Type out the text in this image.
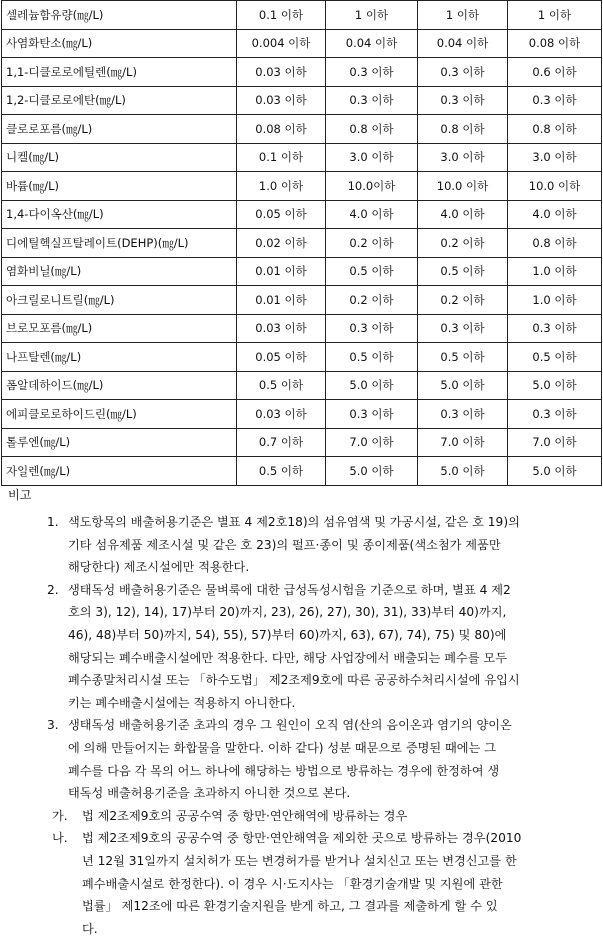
셀레늄함유량(㎎/L)	0.1 이하	1 이하	1 이하	1 이하
사염화탄소(㎎/L)	0.004 이하	0.04 이하	0.04 이하	0.08 이하
1,1-디클로로에틸렌(㎎/L)	0.03 이하	0.3 이하	0.3 이하	0.6 이하
1,2-디클로로에탄(㎎/L)	0.03 이하	0.3 이하	0.3 이하	0.3 이하
클로로포름(㎎/L)	0.08 이하	0.8 이하	0.8 이하	0.8 이하
니켈(㎎/L)	0.1 이하	3.0 이하	3.0 이하	3.0 이하
바륨(㎎/L)	1.0 이하	10.0이하	10.0 이하	10.0 이하
1,4-다이옥산(㎎/L)	0.05 이하	4.0 이하	4.0 이하	4.0 이하
디에틸헥실프탈레이트(DEHP)(㎎/L)	0.02 이하	0.2 이하	0.2 이하	0.8 이하
염화비닐(㎎/L)	0.01 이하	0.5 이하	0.5 이하	1.0 이하
아크릴로니트릴(㎎/L)	0.01 이하	0.2 이하	0.2 이하	1.0 이하
브로모포름(㎎/L)	0.03 이하	0.3 이하	0.3 이하	0.3 이하
나프탈렌(㎎/L)	0.05 이하	0.5 이하	0.5 이하	0.5 이하
폼알데하이드(㎎/L)	0.5 이하	5.0 이하	5.0 이하	5.0 이하
에피클로로하이드린(㎎/L)	0.03 이하	0.3 이하	0.3 이하	0.3 이하
톨루엔(㎎/L)	0.7 이하	7.0 이하	7.0 이하	7.0 이하
자일렌(㎎/L)	0.5 이하	5.0 이하	5.0 이하	5.0 이하
비고
1. 색도항목의 배출허용기준은 별표 4 제2호18)의 섬유염색 및 가공시설, 같은 호 19)의
기타 섬유제품 제조시설 및 같은 호 23)의 펄프·종이 및 종이제품(색소첨가 제품만
해당한다) 제조시설에만 적용한다.
2. 생태독성 배출허용기준은 물벼룩에 대한 급성독성시험을 기준으로 하며, 별표 4 제2
호의 3), 12), 14), 17)부터 20)까지, 23), 26), 27), 30), 31), 33)부터 40)까지,
46), 48)부터 50)까지, 54), 55), 57)부터 60)까지, 63), 67), 74), 75) 및 80)에
해당되는 폐수배출시설에만 적용한다. 다만, 해당 사업장에서 배출되는 폐수를 모두
폐수종말처리시설 또는 「하수도법」 제2조제9호에 따른 공공하수처리시설에 유입시
키는 폐수배출시설에는 적용하지 아니한다.
3. 생태독성 배출허용기준 초과의 경우 그 원인이 오직 염(산의 음이온과 염기의 양이온
에 의해 만들어지는 화합물을 말한다. 이하 같다) 성분 때문으로 증명된 때에는 그
폐수를 다음 각 목의 어느 하나에 해당하는 방법으로 방류하는 경우에 한정하여 생
태독성 배출허용기준을 초과하지 아니한 것으로 본다.
가. 법 제2조제9호의 공공수역 중 항만·연안해역에 방류하는 경우
나. 법 제2조제9호의 공공수역 중 항만·연안해역을 제외한 곳으로 방류하는 경우(2010
년 12월 31일까지 설치허가 또는 변경허가를 받거나 설치신고 또는 변경신고를 한
폐수배출시설로 한정한다). 이 경우 시·도지사는 「환경기술개발 및 지원에 관한
법률」 제12조에 따른 환경기술지원을 받게 하고, 그 결과를 제출하게 할 수 있
다.
